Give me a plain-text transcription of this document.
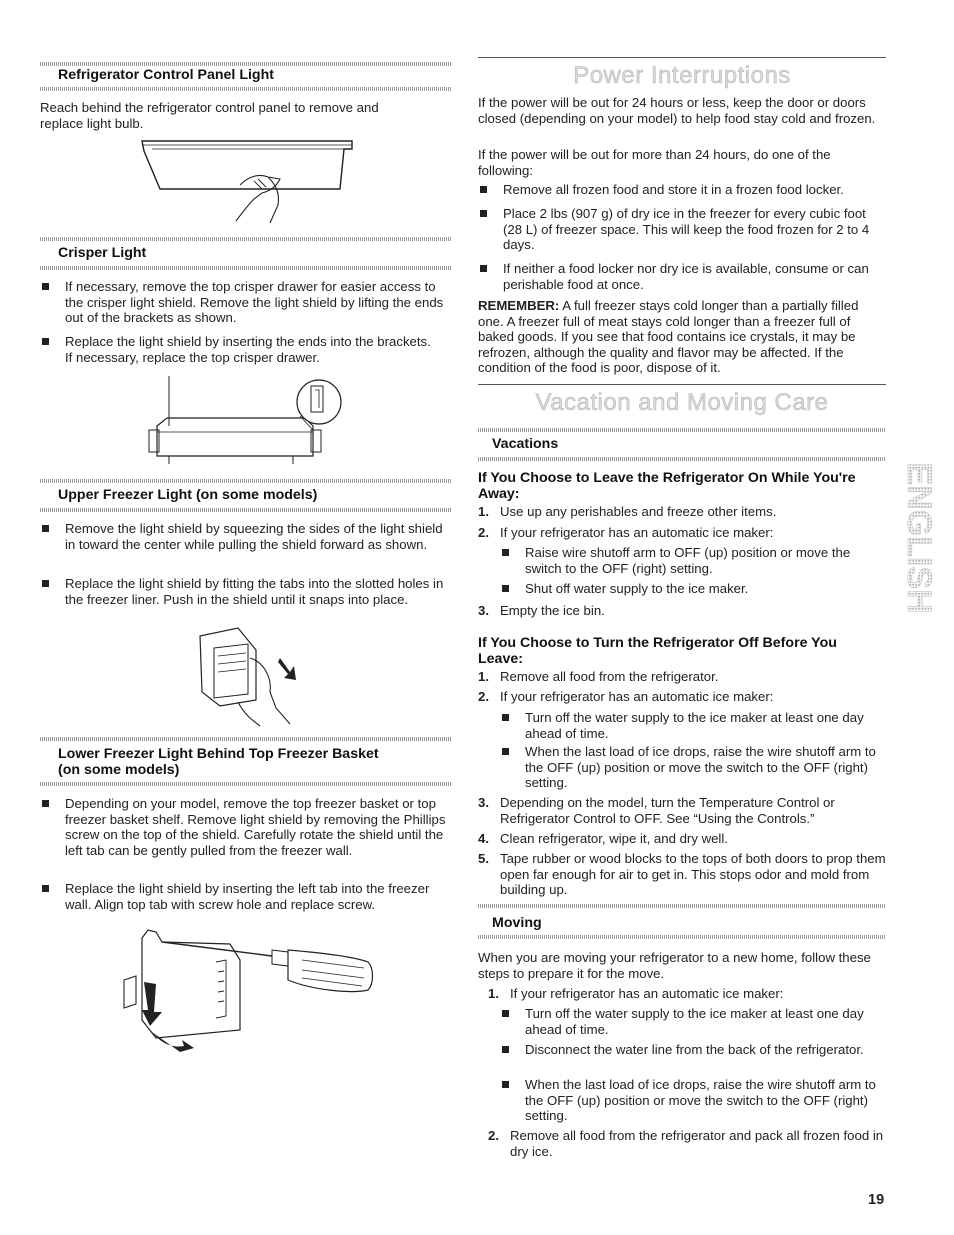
Refrigerator Control Panel Light
Reach behind the refrigerator control panel to remove and replace light bulb.
Crisper Light
If necessary, remove the top crisper drawer for easier access to the crisper light shield. Remove the light shield by lifting the ends out of the brackets as shown.
Replace the light shield by inserting the ends into the brackets. If necessary, replace the top crisper drawer.
Upper Freezer Light (on some models)
Remove the light shield by squeezing the sides of the light shield in toward the center while pulling the shield forward as shown.
Replace the light shield by fitting the tabs into the slotted holes in the freezer liner. Push in the shield until it snaps into place.
Lower Freezer Light Behind Top Freezer Basket
(on some models)
Depending on your model, remove the top freezer basket or top freezer basket shelf. Remove light shield by removing the Phillips screw on the top of the shield. Carefully rotate the shield until the left tab can be gently pulled from the freezer wall.
Replace the light shield by inserting the left tab into the freezer wall. Align top tab with screw hole and replace screw.
Power Interruptions
If the power will be out for 24 hours or less, keep the door or doors closed (depending on your model) to help food stay cold and frozen.
If the power will be out for more than 24 hours, do one of the following:
Remove all frozen food and store it in a frozen food locker.
Place 2 lbs (907 g) of dry ice in the freezer for every cubic foot (28 L) of freezer space. This will keep the food frozen for 2 to 4 days.
If neither a food locker nor dry ice is available, consume or can perishable food at once.
REMEMBER: A full freezer stays cold longer than a partially filled one. A freezer full of meat stays cold longer than a freezer full of baked goods. If you see that food contains ice crystals, it may be refrozen, although the quality and flavor may be affected. If the condition of the food is poor, dispose of it.
Vacation and Moving Care
Vacations
If You Choose to Leave the Refrigerator On While You're Away:
1. Use up any perishables and freeze other items.
2. If your refrigerator has an automatic ice maker:
Raise wire shutoff arm to OFF (up) position or move the switch to the OFF (right) setting.
Shut off water supply to the ice maker.
3. Empty the ice bin.
If You Choose to Turn the Refrigerator Off Before You Leave:
1. Remove all food from the refrigerator.
2. If your refrigerator has an automatic ice maker:
Turn off the water supply to the ice maker at least one day ahead of time.
When the last load of ice drops, raise the wire shutoff arm to the OFF (up) position or move the switch to the OFF (right) setting.
3. Depending on the model, turn the Temperature Control or Refrigerator Control to OFF. See “Using the Controls.”
4. Clean refrigerator, wipe it, and dry well.
5. Tape rubber or wood blocks to the tops of both doors to prop them open far enough for air to get in. This stops odor and mold from building up.
Moving
When you are moving your refrigerator to a new home, follow these steps to prepare it for the move.
1. If your refrigerator has an automatic ice maker:
Turn off the water supply to the ice maker at least one day ahead of time.
Disconnect the water line from the back of the refrigerator.
When the last load of ice drops, raise the wire shutoff arm to the OFF (up) position or move the switch to the OFF (right) setting.
2. Remove all food from the refrigerator and pack all frozen food in dry ice.
ENGLISH
19
